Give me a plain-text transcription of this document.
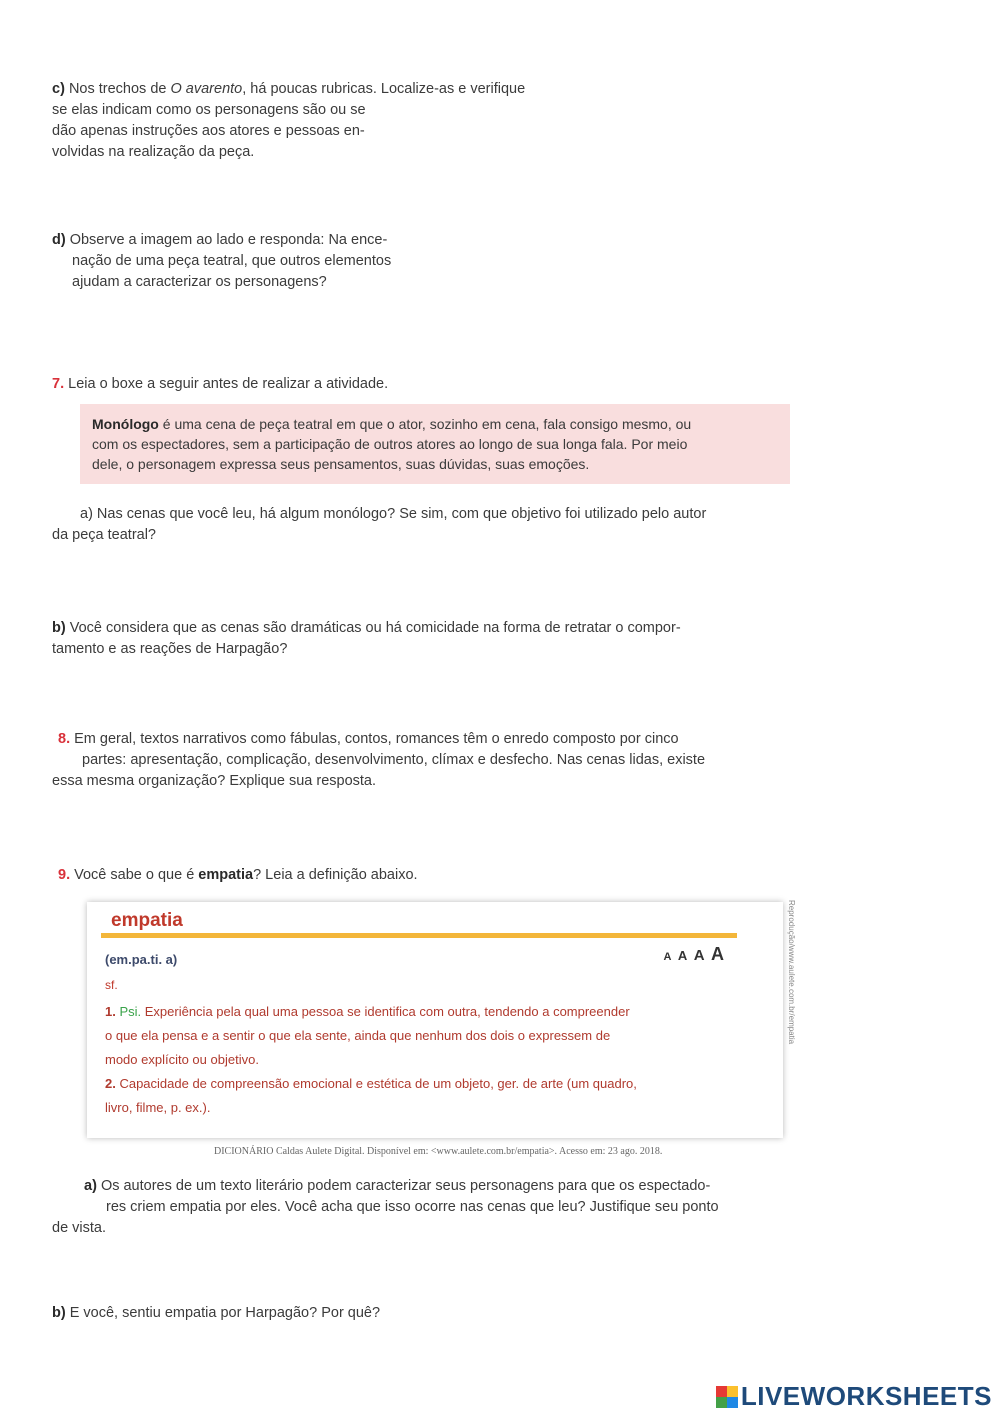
c) Nos trechos de O avarento, há poucas rubricas. Localize-as e verifique
se elas indicam como os personagens são ou se
dão apenas instruções aos atores e pessoas en-
volvidas na realização da peça.
d) Observe a imagem ao lado e responda: Na ence-
nação de uma peça teatral, que outros elementos
ajudam a caracterizar os personagens?
7. Leia o boxe a seguir antes de realizar a atividade.
Monólogo é uma cena de peça teatral em que o ator, sozinho em cena, fala consigo mesmo, ou
com os espectadores, sem a participação de outros atores ao longo de sua longa fala. Por meio
dele, o personagem expressa seus pensamentos, suas dúvidas, suas emoções.
a) Nas cenas que você leu, há algum monólogo? Se sim, com que objetivo foi utilizado pelo autor
da peça teatral?
b) Você considera que as cenas são dramáticas ou há comicidade na forma de retratar o compor-
tamento e as reações de Harpagão?
8. Em geral, textos narrativos como fábulas, contos, romances têm o enredo composto por cinco
partes: apresentação, complicação, desenvolvimento, clímax e desfecho. Nas cenas lidas, existe
essa mesma organização? Explique sua resposta.
9. Você sabe o que é empatia? Leia a definição abaixo.
empatia
(em.pa.ti. a)	A A A A
sf.
1. Psi. Experiência pela qual uma pessoa se identifica com outra, tendendo a compreender
o que ela pensa e a sentir o que ela sente, ainda que nenhum dos dois o expressem de
modo explícito ou objetivo.
2. Capacidade de compreensão emocional e estética de um objeto, ger. de arte (um quadro,
livro, filme, p. ex.).
Reprodução/www.aulete.com.br/empatia
DICIONÁRIO Caldas Aulete Digital. Disponível em: <www.aulete.com.br/empatia>. Acesso em: 23 ago. 2018.
a) Os autores de um texto literário podem caracterizar seus personagens para que os espectado-
res criem empatia por eles. Você acha que isso ocorre nas cenas que leu? Justifique seu ponto
de vista.
b) E você, sentiu empatia por Harpagão? Por quê?
LIVEWORKSHEETS
